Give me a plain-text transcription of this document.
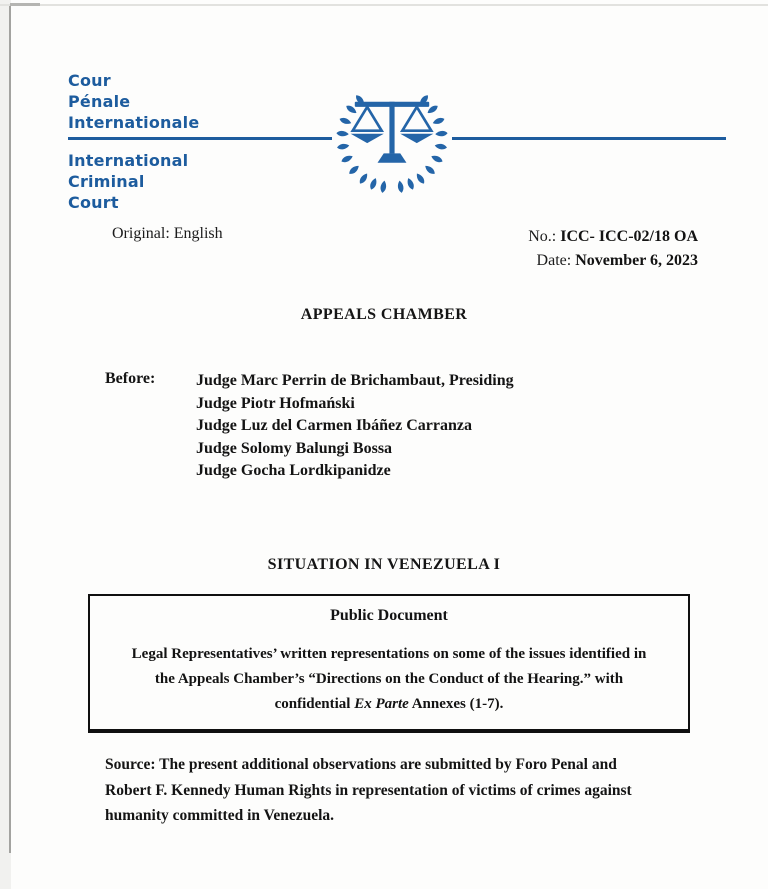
Cour
Pénale
Internationale
International
Criminal
Court
Original: English	No.: ICC- ICC-02/18 OA
Date: November 6, 2023
APPEALS CHAMBER
Before:	Judge Marc Perrin de Brichambaut, Presiding
Judge Piotr Hofmański
Judge Luz del Carmen Ibáñez Carranza
Judge Solomy Balungi Bossa
Judge Gocha Lordkipanidze
SITUATION IN VENEZUELA I
Public Document
Legal Representatives’ written representations on some of the issues identified in
the Appeals Chamber’s “Directions on the Conduct of the Hearing.” with
confidential Ex Parte Annexes (1-7).
Source: The present additional observations are submitted by Foro Penal and
Robert F. Kennedy Human Rights in representation of victims of crimes against
humanity committed in Venezuela.
